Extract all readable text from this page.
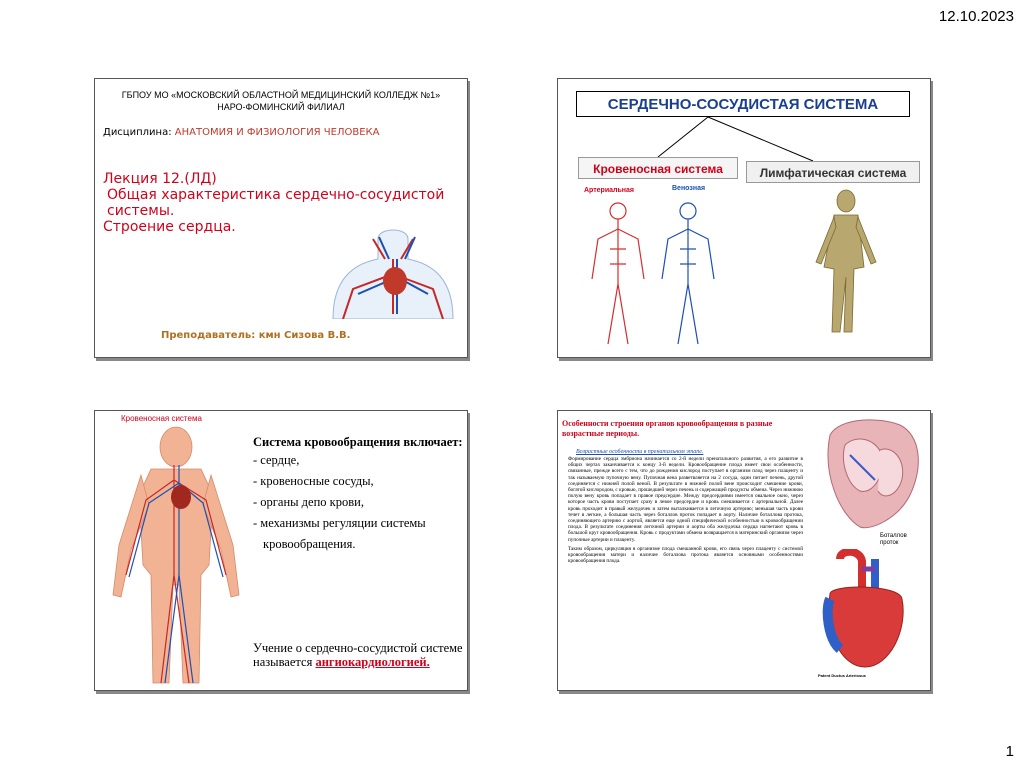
12.10.2023
ГБПОУ МО «МОСКОВСКИЙ ОБЛАСТНОЙ МЕДИЦИНСКИЙ КОЛЛЕДЖ №1»
НАРО-ФОМИНСКИЙ ФИЛИАЛ
Дисциплина: АНАТОМИЯ И ФИЗИОЛОГИЯ ЧЕЛОВЕКА
Лекция 12.(ЛД)
Общая характеристика сердечно-сосудистой системы.
Строение сердца.
Преподаватель: кмн Сизова В.В.
СЕРДЕЧНО-СОСУДИСТАЯ СИСТЕМА
Кровеносная система	Лимфатическая система
Артериальная	Венозная
Кровеносная система
Система кровообращения включает:
- сердце,
- кровеносные сосуды,
- органы депо крови,
- механизмы регуляции системы
кровообращения.
Учение о сердечно-сосудистой системе называется ангиокардиологией.
Особенности строения органов кровообращения в разные возрастные периоды.
Возрастные особенности в пренатальном этапе.

Формирование сердца эмбриона начинается со 2-й недели пренатального развития, а его развитие в общих чертах заканчивается к концу 3-й недели. Кровообращение плода имеет свои особенности, связанные, прежде всего с тем, что до рождения кислород поступает в организм плод через плаценту и так называемую пупочную вену. Пупочная вена разветвляется на 2 сосуда, один питает печень, другой соединяется с нижней полой веной. В результате в нижней полой вене происходит смешение крови, богатой кислородом, с кровью, прошедшей через печень и содержащей продукты обмена. Через нижнюю полую вену кровь попадает в правое предсердие. Между предсердиями имеется овальное окно, через которое часть крови поступает сразу в левое предсердие и кровь смешивается с артериальной. Далее кровь проходит в правый желудочек и затем выталкивается в легочную артерию; меньшая часть крови течет в легкие, а большая часть через боталлов проток попадает в аорту. Наличие боталлова протока, соединяющего артерию с аортой, является еще одной специфической особенностью в кровообращении плода. В результате соединения легочной артерии и аорты оба желудочка сердца нагнетают кровь в большой круг кровообращения. Кровь с продуктами обмена возвращается в материнский организм через пупочные артерии и плаценту.

Таким образом, циркуляция в организме плода смешанной крови, его связь через плаценту с системой кровообращения матери и наличие боталлова протока является основными особенностями кровообращения плода.

Боталлов
проток
Patent Ductus Arteriosus
1
